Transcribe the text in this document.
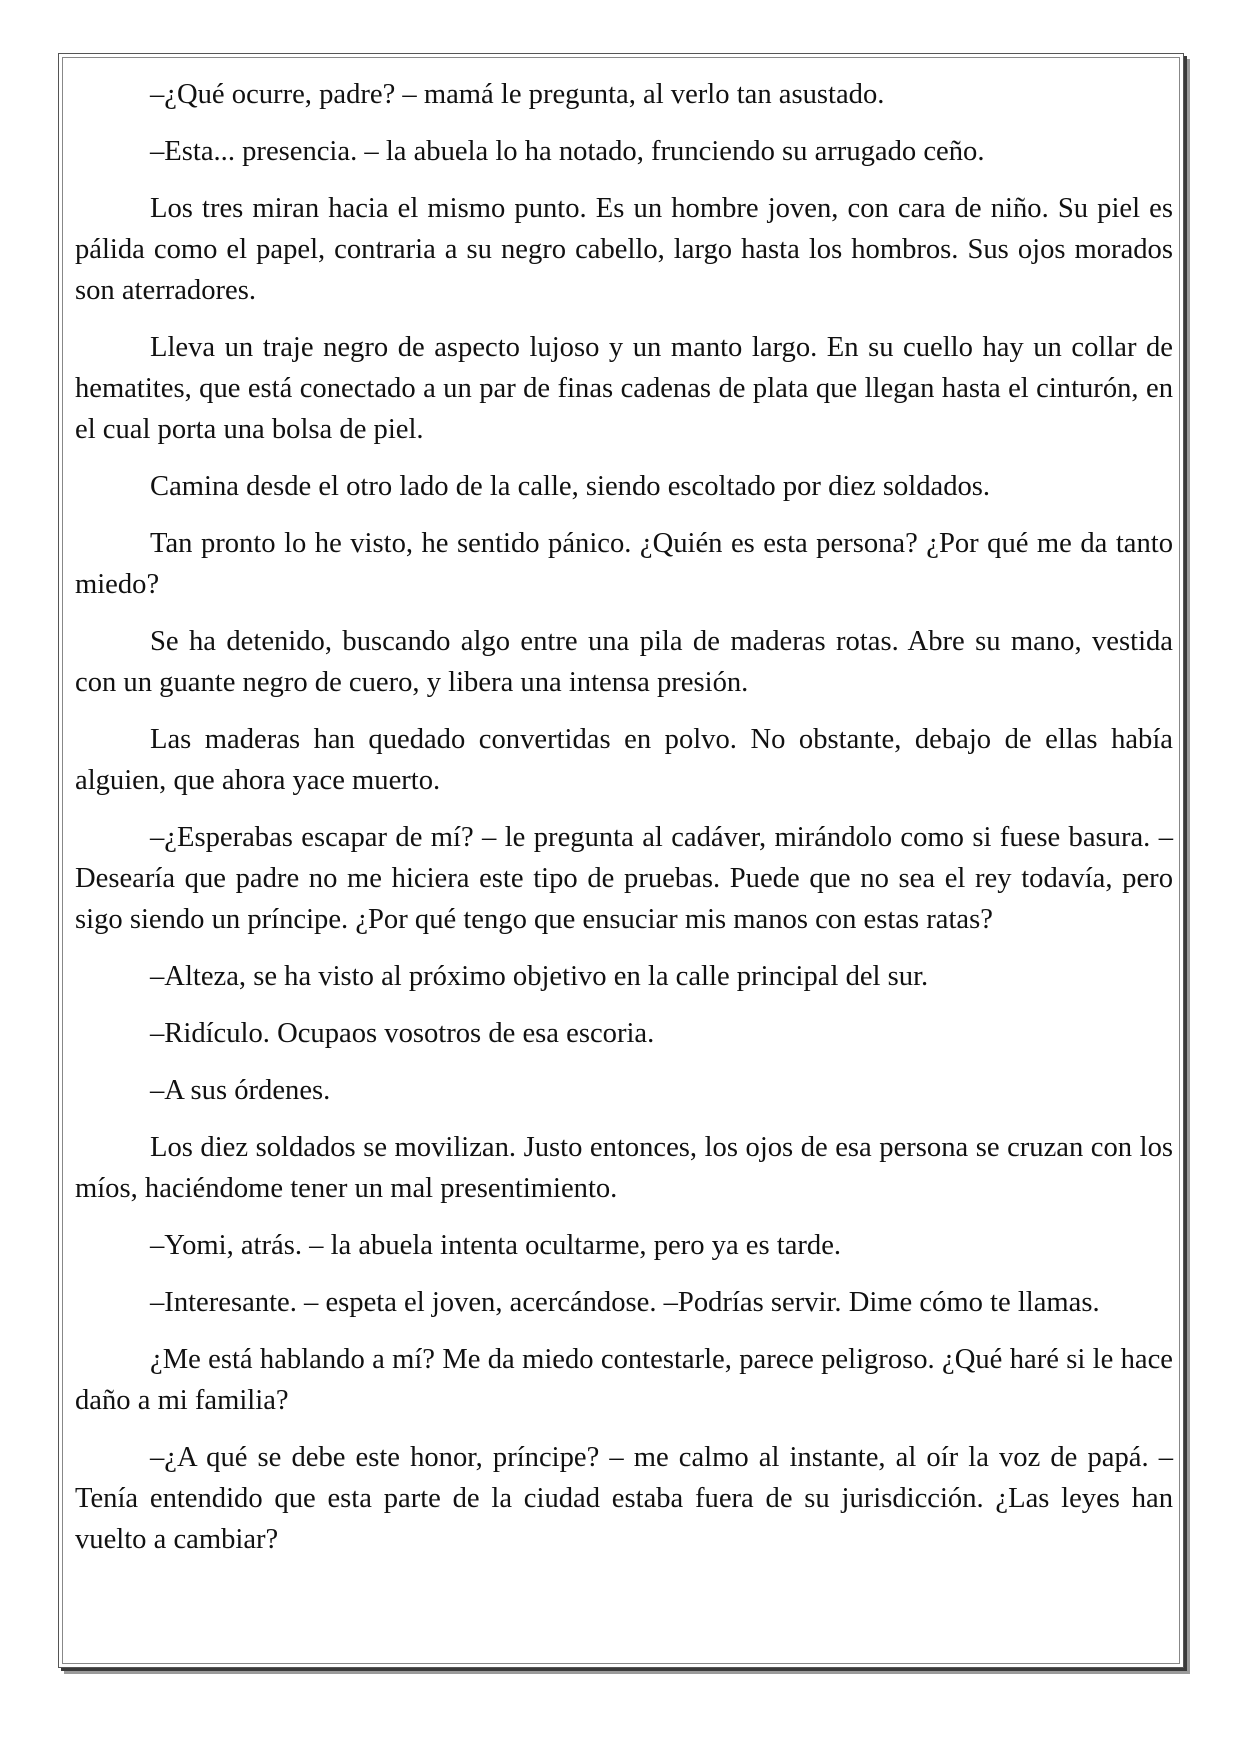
–¿Qué ocurre, padre? – mamá le pregunta, al verlo tan asustado.

–Esta... presencia. – la abuela lo ha notado, frunciendo su arrugado ceño.

Los tres miran hacia el mismo punto. Es un hombre joven, con cara de niño. Su piel es pálida como el papel, contraria a su negro cabello, largo hasta los hombros. Sus ojos morados son aterradores.

Lleva un traje negro de aspecto lujoso y un manto largo. En su cuello hay un collar de hematites, que está conectado a un par de finas cadenas de plata que llegan hasta el cinturón, en el cual porta una bolsa de piel.

Camina desde el otro lado de la calle, siendo escoltado por diez soldados.

Tan pronto lo he visto, he sentido pánico. ¿Quién es esta persona? ¿Por qué me da tanto miedo?

Se ha detenido, buscando algo entre una pila de maderas rotas. Abre su mano, vestida con un guante negro de cuero, y libera una intensa presión.

Las maderas han quedado convertidas en polvo. No obstante, debajo de ellas había alguien, que ahora yace muerto.

–¿Esperabas escapar de mí? – le pregunta al cadáver, mirándolo como si fuese basura. –Desearía que padre no me hiciera este tipo de pruebas. Puede que no sea el rey todavía, pero sigo siendo un príncipe. ¿Por qué tengo que ensuciar mis manos con estas ratas?

–Alteza, se ha visto al próximo objetivo en la calle principal del sur.

–Ridículo. Ocupaos vosotros de esa escoria.

–A sus órdenes.

Los diez soldados se movilizan. Justo entonces, los ojos de esa persona se cruzan con los míos, haciéndome tener un mal presentimiento.

–Yomi, atrás. – la abuela intenta ocultarme, pero ya es tarde.

–Interesante. – espeta el joven, acercándose. –Podrías servir. Dime cómo te llamas.

¿Me está hablando a mí? Me da miedo contestarle, parece peligroso. ¿Qué haré si le hace daño a mi familia?

–¿A qué se debe este honor, príncipe? – me calmo al instante, al oír la voz de papá. –Tenía entendido que esta parte de la ciudad estaba fuera de su jurisdicción. ¿Las leyes han vuelto a cambiar?
